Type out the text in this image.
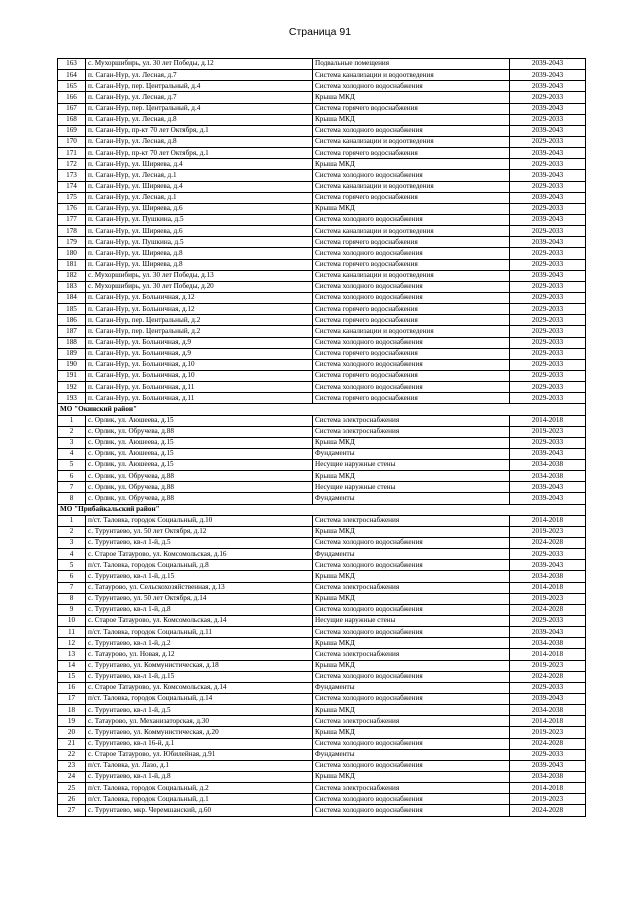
Страница 91
163	с. Мухоршибирь, ул. 30 лет Победы, д.12	Подвальные помещения	2039-2043
164	п. Саган-Нур, ул. Лесная, д.7	Система канализации и водоотведения	2039-2043
165	п. Саган-Нур, пер. Центральный, д.4	Система холодного водоснабжения	2039-2043
166	п. Саган-Нур, ул. Лесная, д.7	Крыша МКД	2029-2033
167	п. Саган-Нур, пер. Центральный, д.4	Система горячего водоснабжения	2039-2043
168	п. Саган-Нур, ул. Лесная, д.8	Крыша МКД	2029-2033
169	п. Саган-Нур, пр-кт 70 лет Октября, д.1	Система холодного водоснабжения	2039-2043
170	п. Саган-Нур, ул. Лесная, д.8	Система канализации и водоотведения	2029-2033
171	п. Саган-Нур, пр-кт 70 лет Октября, д.1	Система горячего водоснабжения	2039-2043
172	п. Саган-Нур, ул. Ширяева, д.4	Крыша МКД	2029-2033
173	п. Саган-Нур, ул. Лесная, д.1	Система холодного водоснабжения	2039-2043
174	п. Саган-Нур, ул. Ширяева, д.4	Система канализации и водоотведения	2029-2033
175	п. Саган-Нур, ул. Лесная, д.1	Система горячего водоснабжения	2039-2043
176	п. Саган-Нур, ул. Ширяева, д.6	Крыша МКД	2029-2033
177	п. Саган-Нур, ул. Пушкина, д.5	Система холодного водоснабжения	2039-2043
178	п. Саган-Нур, ул. Ширяева, д.6	Система канализации и водоотведения	2029-2033
179	п. Саган-Нур, ул. Пушкина, д.5	Система горячего водоснабжения	2039-2043
180	п. Саган-Нур, ул. Ширяева, д.8	Система холодного водоснабжения	2029-2033
181	п. Саган-Нур, ул. Ширяева, д.8	Система горячего водоснабжения	2029-2033
182	с. Мухоршибирь, ул. 30 лет Победы, д.13	Система канализации и водоотведения	2039-2043
183	с. Мухоршибирь, ул. 30 лет Победы, д.20	Система холодного водоснабжения	2029-2033
184	п. Саган-Нур, ул. Больничная, д.12	Система холодного водоснабжения	2029-2033
185	п. Саган-Нур, ул. Больничная, д.12	Система горячего водоснабжения	2029-2033
186	п. Саган-Нур, пер. Центральный, д.2	Система горячего водоснабжения	2029-2033
187	п. Саган-Нур, пер. Центральный, д.2	Система канализации и водоотведения	2029-2033
188	п. Саган-Нур, ул. Больничная, д.9	Система холодного водоснабжения	2029-2033
189	п. Саган-Нур, ул. Больничная, д.9	Система горячего водоснабжения	2029-2033
190	п. Саган-Нур, ул. Больничная, д.10	Система холодного водоснабжения	2029-2033
191	п. Саган-Нур, ул. Больничная, д.10	Система горячего водоснабжения	2029-2033
192	п. Саган-Нур, ул. Больничная, д.11	Система холодного водоснабжения	2029-2033
193	п. Саган-Нур, ул. Больничная, д.11	Система горячего водоснабжения	2029-2033
МО "Окинский район"			
1	с. Орлик, ул. Аюшеева, д.15	Система электроснабжения	2014-2018
2	с. Орлик, ул. Обручева, д.88	Система электроснабжения	2019-2023
3	с. Орлик, ул. Аюшеева, д.15	Крыша МКД	2029-2033
4	с. Орлик, ул. Аюшеева, д.15	Фундаменты	2039-2043
5	с. Орлик, ул. Аюшеева, д.15	Несущие наружные стены	2034-2038
6	с. Орлик, ул. Обручева, д.88	Крыша МКД	2034-2038
7	с. Орлик, ул. Обручева, д.88	Несущие наружные стены	2039-2043
8	с. Орлик, ул. Обручева, д.88	Фундаменты	2039-2043
МО "Прибайкальский район"			
1	п/ст. Таловка, городок Социальный, д.10	Система электроснабжения	2014-2018
2	с. Турунтаево, ул. 50 лет Октября, д.12	Крыша МКД	2019-2023
3	с. Турунтаево, кв-л 1-й, д.5	Система холодного водоснабжения	2024-2028
4	с. Старое Татаурово, ул. Комсомольская, д.16	Фундаменты	2029-2033
5	п/ст. Таловка, городок Социальный, д.8	Система холодного водоснабжения	2039-2043
6	с. Турунтаево, кв-л 1-й, д.15	Крыша МКД	2034-2038
7	с. Татаурово, ул. Сельскохозяйственная, д.13	Система электроснабжения	2014-2018
8	с. Турунтаево, ул. 50 лет Октября, д.14	Крыша МКД	2019-2023
9	с. Турунтаево, кв-л 1-й, д.8	Система холодного водоснабжения	2024-2028
10	с. Старое Татаурово, ул. Комсомольская, д.14	Несущие наружные стены	2029-2033
11	п/ст. Таловка, городок Социальный, д.11	Система холодного водоснабжения	2039-2043
12	с. Турунтаево, кв-л 1-й, д.2	Крыша МКД	2034-2038
13	с. Татаурово, ул. Новая, д.12	Система электроснабжения	2014-2018
14	с. Турунтаево, ул. Коммунистическая, д.18	Крыша МКД	2019-2023
15	с. Турунтаево, кв-л 1-й, д.15	Система холодного водоснабжения	2024-2028
16	с. Старое Татаурово, ул. Комсомольская, д.14	Фундаменты	2029-2033
17	п/ст. Таловка, городок Социальный, д.14	Система холодного водоснабжения	2039-2043
18	с. Турунтаево, кв-л 1-й, д.5	Крыша МКД	2034-2038
19	с. Татаурово, ул. Механизаторская, д.30	Система электроснабжения	2014-2018
20	с. Турунтаево, ул. Коммунистическая, д.20	Крыша МКД	2019-2023
21	с. Турунтаево, кв-л 16-й, д.1	Система холодного водоснабжения	2024-2028
22	с. Старое Татаурово, ул. Юбилейная, д.91	Фундаменты	2029-2033
23	п/ст. Таловка, ул. Лазо, д.1	Система холодного водоснабжения	2039-2043
24	с. Турунтаево, кв-л 1-й, д.8	Крыша МКД	2034-2038
25	п/ст. Таловка, городок Социальный, д.2	Система электроснабжения	2014-2018
26	п/ст. Таловка, городок Социальный, д.1	Система холодного водоснабжения	2019-2023
27	с. Турунтаево, мкр. Черемшанский, д.60	Система холодного водоснабжения	2024-2028
